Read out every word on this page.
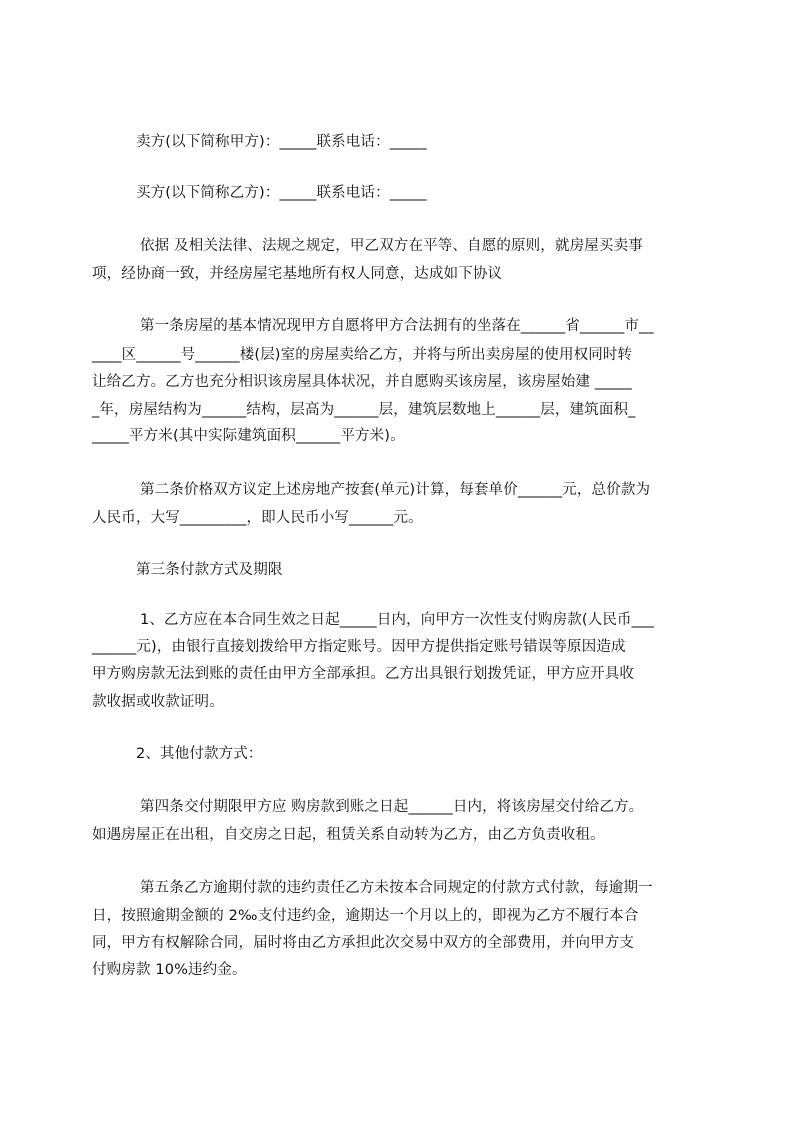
卖方(以下简称甲方)：_____联系电话：_____
买方(以下简称乙方)：_____联系电话：_____
依据 及相关法律、法规之规定，甲乙双方在平等、自愿的原则，就房屋买卖事
项，经协商一致，并经房屋宅基地所有权人同意，达成如下协议
第一条房屋的基本情况现甲方自愿将甲方合法拥有的坐落在______省______市__
____区______号______楼(层)室的房屋卖给乙方，并将与所出卖房屋的使用权同时转
让给乙方。乙方也充分相识该房屋具体状况，并自愿购买该房屋，该房屋始建 _____
_年，房屋结构为______结构，层高为______层，建筑层数地上______层，建筑面积_
_____平方米(其中实际建筑面积______平方米)。
第二条价格双方议定上述房地产按套(单元)计算，每套单价______元，总价款为
人民币，大写_________，即人民币小写______元。
第三条付款方式及期限
1、乙方应在本合同生效之日起_____日内，向甲方一次性支付购房款(人民币___
______元)，由银行直接划拨给甲方指定账号。因甲方提供指定账号错误等原因造成
甲方购房款无法到账的责任由甲方全部承担。乙方出具银行划拨凭证，甲方应开具收
款收据或收款证明。
2、其他付款方式：
第四条交付期限甲方应 购房款到账之日起______日内，将该房屋交付给乙方。
如遇房屋正在出租，自交房之日起，租赁关系自动转为乙方，由乙方负责收租。
第五条乙方逾期付款的违约责任乙方未按本合同规定的付款方式付款，每逾期一
日，按照逾期金额的 2‰支付违约金，逾期达一个月以上的，即视为乙方不履行本合
同，甲方有权解除合同，届时将由乙方承担此次交易中双方的全部费用，并向甲方支
付购房款 10%违约金。
